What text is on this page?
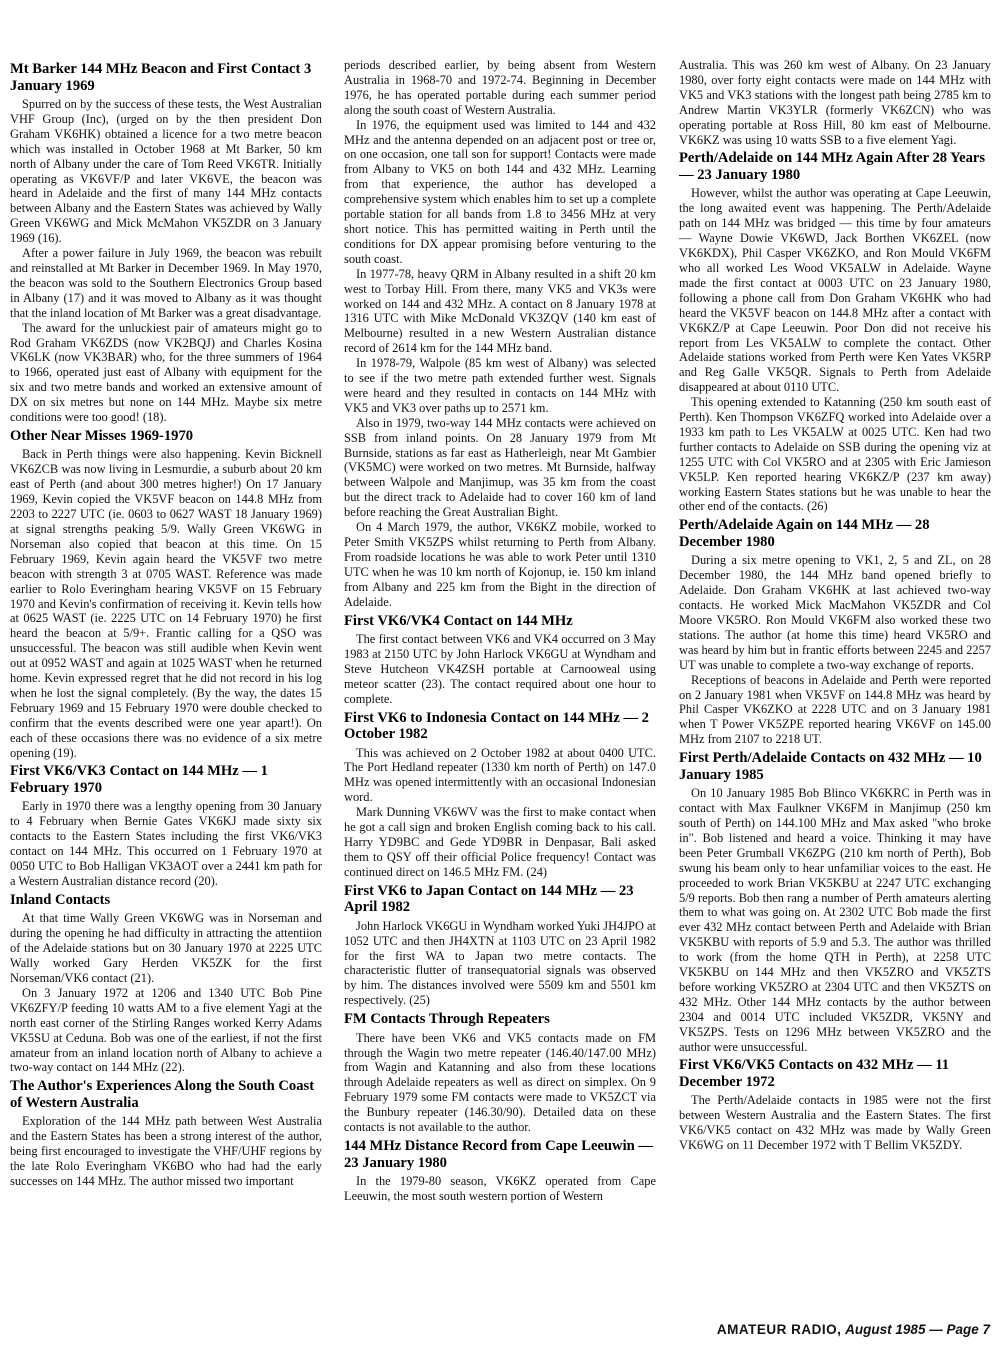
Mt Barker 144 MHz Beacon and First Contact 3 January 1969

Spurred on by the success of these tests, the West Australian VHF Group (Inc), (urged on by the then president Don Graham VK6HK) obtained a licence for a two metre beacon which was installed in October 1968 at Mt Barker, 50 km north of Albany under the care of Tom Reed VK6TR. Initially operating as VK6VF/P and later VK6VE, the beacon was heard in Adelaide and the first of many 144 MHz contacts between Albany and the Eastern States was achieved by Wally Green VK6WG and Mick McMahon VK5ZDR on 3 January 1969 (16).

After a power failure in July 1969, the beacon was rebuilt and reinstalled at Mt Barker in December 1969. In May 1970, the beacon was sold to the Southern Electronics Group based in Albany (17) and it was moved to Albany as it was thought that the inland location of Mt Barker was a great disadvantage.

The award for the unluckiest pair of amateurs might go to Rod Graham VK6ZDS (now VK2BQJ) and Charles Kosina VK6LK (now VK3BAR) who, for the three summers of 1964 to 1966, operated just east of Albany with equipment for the six and two metre bands and worked an extensive amount of DX on six metres but none on 144 MHz. Maybe six metre conditions were too good! (18).

Other Near Misses 1969-1970

Back in Perth things were also happening. Kevin Bicknell VK6ZCB was now living in Lesmurdie, a suburb about 20 km east of Perth (and about 300 metres higher!) On 17 January 1969, Kevin copied the VK5VF beacon on 144.8 MHz from 2203 to 2227 UTC (ie. 0603 to 0627 WAST 18 January 1969) at signal strengths peaking 5/9. Wally Green VK6WG in Norseman also copied that beacon at this time. On 15 February 1969, Kevin again heard the VK5VF two metre beacon with strength 3 at 0705 WAST. Reference was made earlier to Rolo Everingham hearing VK5VF on 15 February 1970 and Kevin's confirmation of receiving it. Kevin tells how at 0625 WAST (ie. 2225 UTC on 14 February 1970) he first heard the beacon at 5/9+. Frantic calling for a QSO was unsuccessful. The beacon was still audible when Kevin went out at 0952 WAST and again at 1025 WAST when he returned home. Kevin expressed regret that he did not record in his log when he lost the signal completely. (By the way, the dates 15 February 1969 and 15 February 1970 were double checked to confirm that the events described were one year apart!). On each of these occasions there was no evidence of a six metre opening (19).

First VK6/VK3 Contact on 144 MHz — 1 February 1970

Early in 1970 there was a lengthy opening from 30 January to 4 February when Bernie Gates VK6KJ made sixty six contacts to the Eastern States including the first VK6/VK3 contact on 144 MHz. This occurred on 1 February 1970 at 0050 UTC to Bob Halligan VK3AOT over a 2441 km path for a Western Australian distance record (20).

Inland Contacts

At that time Wally Green VK6WG was in Norseman and during the opening he had difficulty in attracting the attentiion of the Adelaide stations but on 30 January 1970 at 2225 UTC Wally worked Gary Herden VK5ZK for the first Norseman/VK6 contact (21).

On 3 January 1972 at 1206 and 1340 UTC Bob Pine VK6ZFY/P feeding 10 watts AM to a five element Yagi at the north east corner of the Stirling Ranges worked Kerry Adams VK5SU at Ceduna. Bob was one of the earliest, if not the first amateur from an inland location north of Albany to achieve a two-way contact on 144 MHz (22).

The Author's Experiences Along the South Coast of Western Australia

Exploration of the 144 MHz path between West Australia and the Eastern States has been a strong interest of the author, being first encouraged to investigate the VHF/UHF regions by the late Rolo Everingham VK6BO who had had the early successes on 144 MHz. The author missed two important

periods described earlier, by being absent from Western Australia in 1968-70 and 1972-74. Beginning in December 1976, he has operated portable during each summer period along the south coast of Western Australia.

In 1976, the equipment used was limited to 144 and 432 MHz and the antenna depended on an adjacent post or tree or, on one occasion, one tall son for support! Contacts were made from Albany to VK5 on both 144 and 432 MHz. Learning from that experience, the author has developed a comprehensive system which enables him to set up a complete portable station for all bands from 1.8 to 3456 MHz at very short notice. This has permitted waiting in Perth until the conditions for DX appear promising before venturing to the south coast.

In 1977-78, heavy QRM in Albany resulted in a shift 20 km west to Torbay Hill. From there, many VK5 and VK3s were worked on 144 and 432 MHz. A contact on 8 January 1978 at 1316 UTC with Mike McDonald VK3ZQV (140 km east of Melbourne) resulted in a new Western Australian distance record of 2614 km for the 144 MHz band.

In 1978-79, Walpole (85 km west of Albany) was selected to see if the two metre path extended further west. Signals were heard and they resulted in contacts on 144 MHz with VK5 and VK3 over paths up to 2571 km.

Also in 1979, two-way 144 MHz contacts were achieved on SSB from inland points. On 28 January 1979 from Mt Burnside, stations as far east as Hatherleigh, near Mt Gambier (VK5MC) were worked on two metres. Mt Burnside, halfway between Walpole and Manjimup, was 35 km from the coast but the direct track to Adelaide had to cover 160 km of land before reaching the Great Australian Bight.

On 4 March 1979, the author, VK6KZ mobile, worked to Peter Smith VK5ZPS whilst returning to Perth from Albany. From roadside locations he was able to work Peter until 1310 UTC when he was 10 km north of Kojonup, ie. 150 km inland from Albany and 225 km from the Bight in the direction of Adelaide.

First VK6/VK4 Contact on 144 MHz

The first contact between VK6 and VK4 occurred on 3 May 1983 at 2150 UTC by John Harlock VK6GU at Wyndham and Steve Hutcheon VK4ZSH portable at Carnooweal using meteor scatter (23). The contact required about one hour to complete.

First VK6 to Indonesia Contact on 144 MHz — 2 October 1982

This was achieved on 2 October 1982 at about 0400 UTC. The Port Hedland repeater (1330 km north of Perth) on 147.0 MHz was opened intermittently with an occasional Indonesian word.

Mark Dunning VK6WV was the first to make contact when he got a call sign and broken English coming back to his call. Harry YD9BC and Gede YD9BR in Denpasar, Bali asked them to QSY off their official Police frequency! Contact was continued direct on 146.5 MHz FM. (24)

First VK6 to Japan Contact on 144 MHz — 23 April 1982

John Harlock VK6GU in Wyndham worked Yuki JH4JPO at 1052 UTC and then JH4XTN at 1103 UTC on 23 April 1982 for the first WA to Japan two metre contacts. The characteristic flutter of transequatorial signals was observed by him. The distances involved were 5509 km and 5501 km respectively. (25)

FM Contacts Through Repeaters

There have been VK6 and VK5 contacts made on FM through the Wagin two metre repeater (146.40/147.00 MHz) from Wagin and Katanning and also from these locations through Adelaide repeaters as well as direct on simplex. On 9 February 1979 some FM contacts were made to VK5ZCT via the Bunbury repeater (146.30/90). Detailed data on these contacts is not available to the author.

144 MHz Distance Record from Cape Leeuwin — 23 January 1980

In the 1979-80 season, VK6KZ operated from Cape Leeuwin, the most south western portion of Western

Australia. This was 260 km west of Albany. On 23 January 1980, over forty eight contacts were made on 144 MHz with VK5 and VK3 stations with the longest path being 2785 km to Andrew Martin VK3YLR (formerly VK6ZCN) who was operating portable at Ross Hill, 80 km east of Melbourne. VK6KZ was using 10 watts SSB to a five element Yagi.

Perth/Adelaide on 144 MHz Again After 28 Years — 23 January 1980

However, whilst the author was operating at Cape Leeuwin, the long awaited event was happening. The Perth/Adelaide path on 144 MHz was bridged — this time by four amateurs — Wayne Dowie VK6WD, Jack Borthen VK6ZEL (now VK6KDX), Phil Casper VK6ZKO, and Ron Mould VK6FM who all worked Les Wood VK5ALW in Adelaide. Wayne made the first contact at 0003 UTC on 23 January 1980, following a phone call from Don Graham VK6HK who had heard the VK5VF beacon on 144.8 MHz after a contact with VK6KZ/P at Cape Leeuwin. Poor Don did not receive his report from Les VK5ALW to complete the contact. Other Adelaide stations worked from Perth were Ken Yates VK5RP and Reg Galle VK5QR. Signals to Perth from Adelaide disappeared at about 0110 UTC.

This opening extended to Katanning (250 km south east of Perth). Ken Thompson VK6ZFQ worked into Adelaide over a 1933 km path to Les VK5ALW at 0025 UTC. Ken had two further contacts to Adelaide on SSB during the opening viz at 1255 UTC with Col VK5RO and at 2305 with Eric Jamieson VK5LP. Ken reported hearing VK6KZ/P (237 km away) working Eastern States stations but he was unable to hear the other end of the contacts. (26)

Perth/Adelaide Again on 144 MHz — 28 December 1980

During a six metre opening to VK1, 2, 5 and ZL, on 28 December 1980, the 144 MHz band opened briefly to Adelaide. Don Graham VK6HK at last achieved two-way contacts. He worked Mick MacMahon VK5ZDR and Col Moore VK5RO. Ron Mould VK6FM also worked these two stations. The author (at home this time) heard VK5RO and was heard by him but in frantic efforts between 2245 and 2257 UT was unable to complete a two-way exchange of reports.

Receptions of beacons in Adelaide and Perth were reported on 2 January 1981 when VK5VF on 144.8 MHz was heard by Phil Casper VK6ZKO at 2228 UTC and on 3 January 1981 when T Power VK5ZPE reported hearing VK6VF on 145.00 MHz from 2107 to 2218 UT.

First Perth/Adelaide Contacts on 432 MHz — 10 January 1985

On 10 January 1985 Bob Blinco VK6KRC in Perth was in contact with Max Faulkner VK6FM in Manjimup (250 km south of Perth) on 144.100 MHz and Max asked "who broke in". Bob listened and heard a voice. Thinking it may have been Peter Grumball VK6ZPG (210 km north of Perth), Bob swung his beam only to hear unfamiliar voices to the east. He proceeded to work Brian VK5KBU at 2247 UTC exchanging 5/9 reports. Bob then rang a number of Perth amateurs alerting them to what was going on. At 2302 UTC Bob made the first ever 432 MHz contact between Perth and Adelaide with Brian VK5KBU with reports of 5.9 and 5.3. The author was thrilled to work (from the home QTH in Perth), at 2258 UTC VK5KBU on 144 MHz and then VK5ZRO and VK5ZTS before working VK5ZRO at 2304 UTC and then VK5ZTS on 432 MHz. Other 144 MHz contacts by the author between 2304 and 0014 UTC included VK5ZDR, VK5NY and VK5ZPS. Tests on 1296 MHz between VK5ZRO and the author were unsuccessful.

First VK6/VK5 Contacts on 432 MHz — 11 December 1972

The Perth/Adelaide contacts in 1985 were not the first between Western Australia and the Eastern States. The first VK6/VK5 contact on 432 MHz was made by Wally Green VK6WG on 11 December 1972 with T Bellim VK5ZDY.

AMATEUR RADIO, August 1985 — Page 7
